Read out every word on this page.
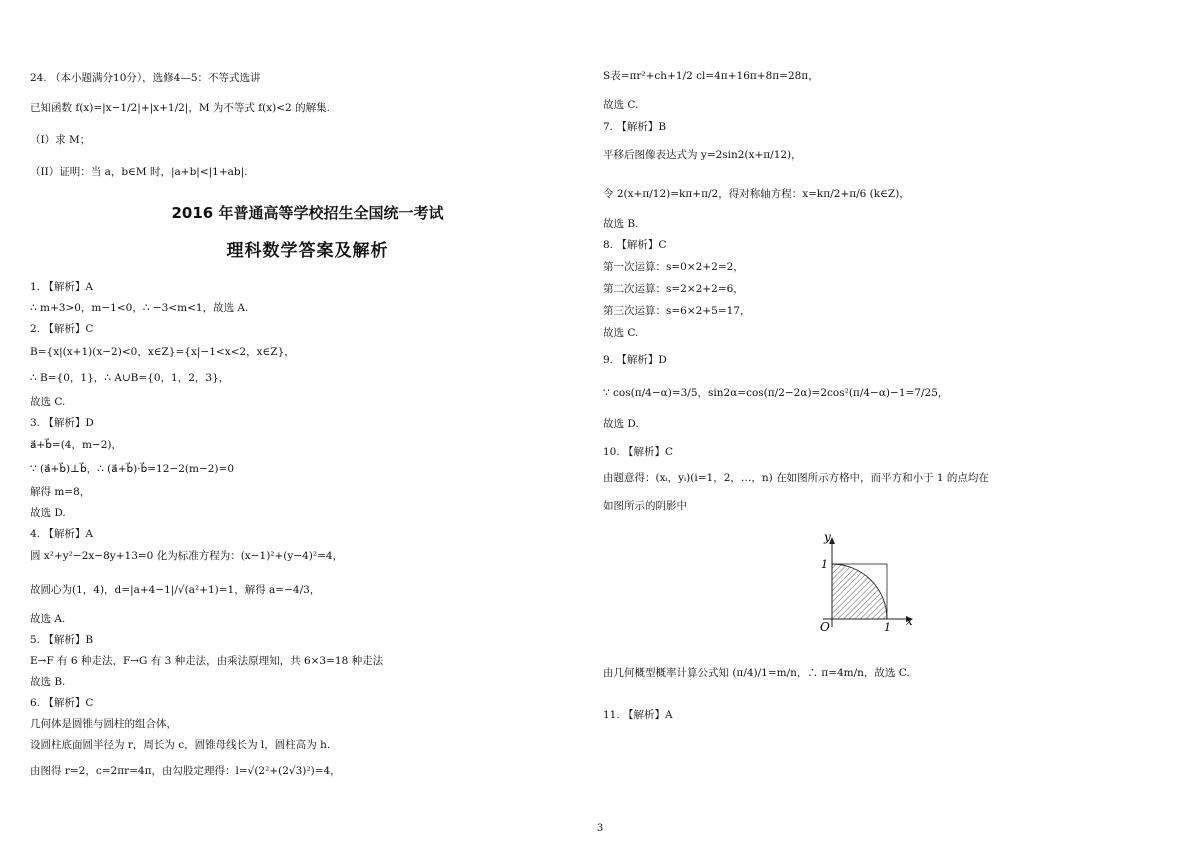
24. （本小题满分10分），选修4—5：不等式选讲
已知函数 f(x)=|x−1/2|+|x+1/2|，M 为不等式 f(x)<2 的解集.
（I）求 M；
（II）证明：当 a，b∈M 时，|a+b|<|1+ab|.
2016 年普通高等学校招生全国统一考试
理科数学答案及解析
1. 【解析】A
∴ m+3>0，m−1<0，∴ −3<m<1，故选 A.
2. 【解析】C
B={x|(x+1)(x−2)<0，x∈Z}={x|−1<x<2，x∈Z}，
∴ B={0，1}，∴ A∪B={0，1，2，3}，
故选 C.
3. 【解析】D
a⃗+b⃗=(4，m−2)，
∵ (a⃗+b⃗)⊥b⃗，∴ (a⃗+b⃗)·b⃗=12−2(m−2)=0
解得 m=8，
故选 D.
4. 【解析】A
圆 x²+y²−2x−8y+13=0 化为标准方程为：(x−1)²+(y−4)²=4，
故圆心为(1，4)，d=|a+4−1|/√(a²+1)=1，解得 a=−4/3，
故选 A.
5. 【解析】B
E→F 有 6 种走法，F→G 有 3 种走法，由乘法原理知，共 6×3=18 种走法
故选 B.
6. 【解析】C
几何体是圆锥与圆柱的组合体，
设圆柱底面圆半径为 r，周长为 c，圆锥母线长为 l，圆柱高为 h.
由图得 r=2，c=2πr=4π，由勾股定理得：l=√(2²+(2√3)²)=4，
S表=πr²+ch+1/2 cl=4π+16π+8π=28π，
故选 C.
7. 【解析】B
平移后图像表达式为 y=2sin2(x+π/12)，
令 2(x+π/12)=kπ+π/2，得对称轴方程：x=kπ/2+π/6 (k∈Z)，
故选 B.
8. 【解析】C
第一次运算：s=0×2+2=2，
第二次运算：s=2×2+2=6，
第三次运算：s=6×2+5=17，
故选 C.
9. 【解析】D
∵ cos(π/4−α)=3/5，sin2α=cos(π/2−2α)=2cos²(π/4−α)−1=7/25，
故选 D.
10. 【解析】C
由题意得：(xᵢ，yᵢ)(i=1，2，…，n) 在如图所示方格中，而平方和小于 1 的点均在
如图所示的阴影中
由几何概型概率计算公式知 (π/4)/1=m/n，∴ π=4m/n，故选 C.
11. 【解析】A
y
x
O
1
1
3
